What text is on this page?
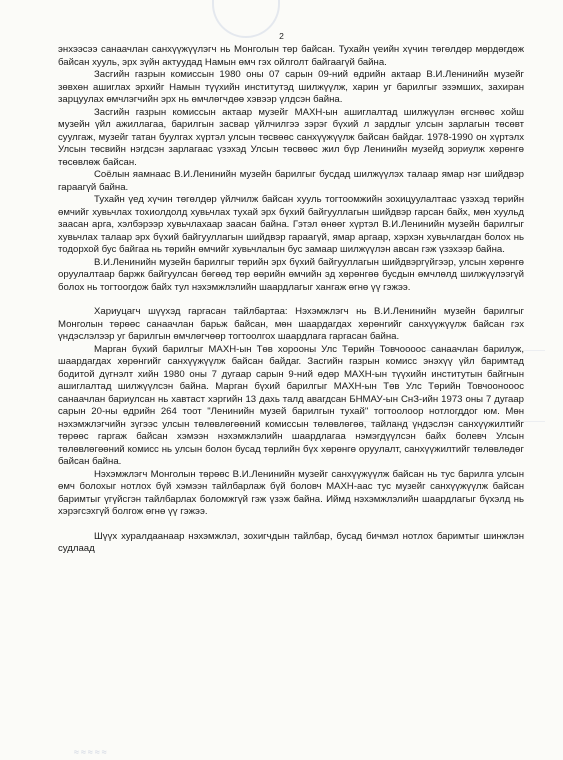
2

энхээсээ санаачлан санхүүжүүлэгч нь Монголын төр байсан. Тухайн үеийн хүчин төгөлдөр мөрдөгдөж байсан хууль, эрх зүйн актуудад Намын өмч гэх ойлголт байгаагүй байна.

Засгийн газрын комиссын 1980 оны 07 сарын 09-ний өдрийн актаар В.И.Ленинийн музейг зөвхөн ашиглах эрхийг Намын түүхийн институтэд шилжүүлж, харин уг барилгыг эзэмших, захиран зарцуулах өмчлэгчийн эрх нь өмчлөгчдөө хэвээр үлдсэн байна.

Засгийн газрын комиссын актаар музейг МАХН-ын ашиглалтад шилжүүлэн өгснөөс хойш музейн үйл ажиллагаа, барилгын засвар үйлчилгээ зэрэг бүхий л зардлыг улсын зарлагын төсөвт суулгаж, музейг татан буулгах хүртэл улсын төсвөөс санхүүжүүлж байсан байдаг. 1978-1990 он хүртэлх Улсын төсвийн нэгдсэн зарлагаас үзэхэд Улсын төсвөөс жил бүр Ленинийн музейд зориулж хөрөнгө төсөвлөж байсан.

Соёлын яамнаас В.И.Ленинийн музейн барилгыг бусдад шилжүүлэх талаар ямар нэг шийдвэр гараагүй байна.

Тухайн үед хүчин төгөлдөр үйлчилж байсан хууль тогтоомжийн зохицуулалтаас үзэхэд төрийн өмчийг хувьчлах тохиолдолд хувьчлах тухай эрх бүхий байгууллагын шийдвэр гарсан байх, мөн хуульд заасан арга, хэлбэрээр хувьчлахаар заасан байна. Гэтэл өнөөг хүртэл В.И.Ленинийн музейн барилгыг хувьчлах талаар эрх бүхий байгууллагын шийдвэр гараагүй, ямар аргаар, хэрхэн хувьчлагдан болох нь тодорхой бус байгаа нь төрийн өмчийг хувьчлалын бус замаар шилжүүлэн авсан гэж үзэхээр байна.

В.И.Ленинийн музейн барилгыг төрийн эрх бүхий байгууллагын шийдвэргүйгээр, улсын хөрөнгө оруулалтаар баржк байгуулсан бөгөөд төр өөрийн өмчийн эд хөрөнгөө бусдын өмчлөлд шилжүүлээгүй болох нь тогтоогдож байх тул нэхэмжлэлийн шаардлагыг хангаж өгнө үү гэжээ.

Хариуцагч шүүхэд гаргасан тайлбартаа: Нэхэмжлэгч нь В.И.Ленинийн музейн барилгыг Монголын төрөөс санаачлан барьж байсан, мөн шаардагдах хөрөнгийг санхүүжүүлж байсан гэх үндэслэлээр уг барилгын өмчлөгчөөр тогтоолгох шаардлага гаргасан байна.

Марган бүхий барилгыг МАХН-ын Төв хорооны Улс Төрийн Товчоооос санаачлан барилуж, шаардагдах хөрөнгийг санхүүжүүлж байсан байдаг. Засгийн газрын комисс энэхүү үйл баримтад бодитой дүгнэлт хийн 1980 оны 7 дугаар сарын 9-ний өдөр МАХН-ын түүхийн институтын байгнын ашиглалтад шилжүүлсэн байна. Марган бүхий барилгыг МАХН-ын Төв Улс Төрийн Товчоонооос санаачлан бариулсан нь хавтаст хэргийн 13 дахь талд авагдсан БНМАУ-ын СнЗ-ийн 1973 оны 7 дугаар сарын 20-ны өдрийн 264 тоот "Ленинийн музей барилгын тухай" тогтоолоор нотлогддог юм. Мөн нэхэмжлэгчийн зүгээс улсын төлөвлөгөөний комиссын төлөвлөгөө, тайланд үндэслэн санхүүжилтийг төрөөс гаргаж байсан хэмээн нэхэмжлэлийн шаардлагаа нэмэгдүүлсэн байх болевч Улсын төлөвлөгөөний комисс нь улсын болон бусад төрлийн бүх хөрөнгө оруулалт, санхүүжилтийг төлөвлөдөг байсан байна.

Нэхэмжлэгч Монголын төрөөс В.И.Ленинийн музейг санхүүжүүлж байсан нь тус барилга улсын өмч болохыг нотлох бүй хэмээн тайлбарлаж бүй боловч МАХН-аас тус музейг санхүүжүүлж байсан баримтыг үгүйсгэн тайлбарлах боломжгүй гэж үзэж байна. Иймд нэхэмжлэлийн шаардлагыг бүхэлд нь хэрэгсэхгүй болгож өгнө үү гэжээ.

Шүүх хуралдаанаар нэхэмжлэл, зохигчдын тайлбар, бусад бичмэл нотлох баримтыг шинжлэн судлаад

≈≈≈≈≈
